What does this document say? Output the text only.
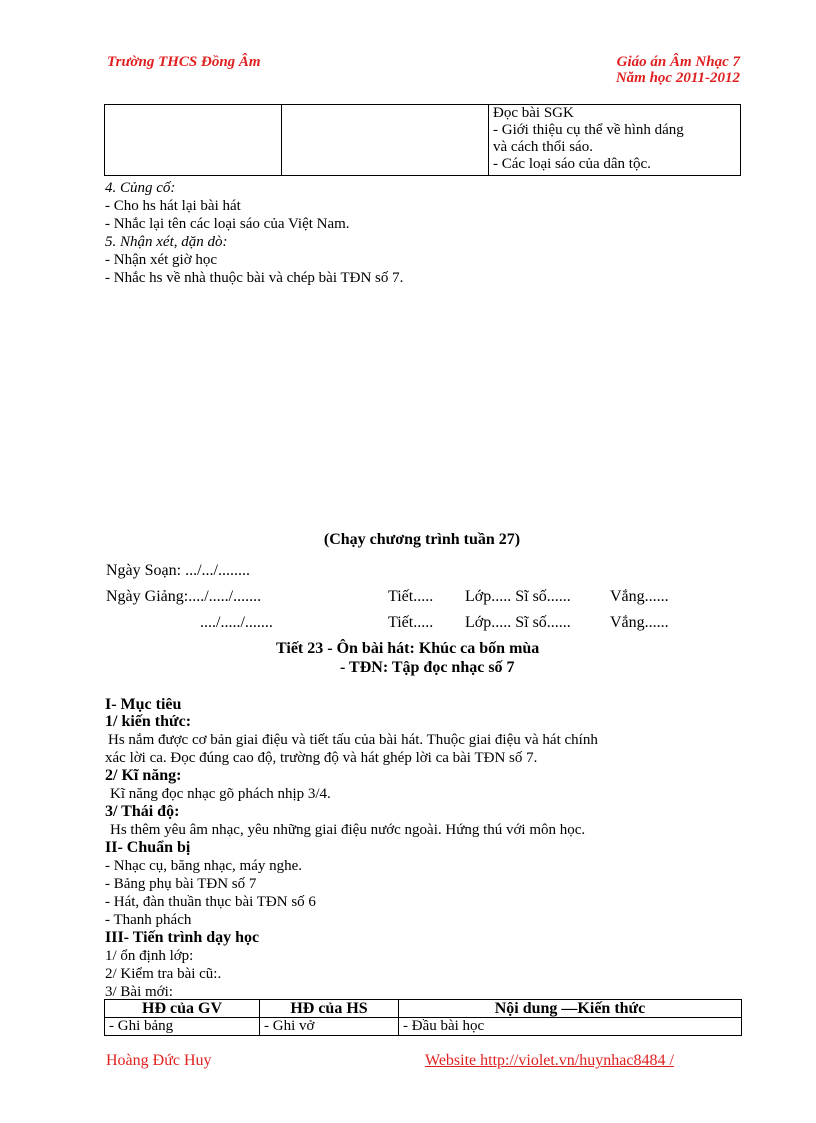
Trường THCS Đồng Âm	Giáo án Âm Nhạc 7
Năm học 2011-2012

Đọc bài SGK
- Giới thiệu cụ thể về hình dáng
và cách thổi sáo.
- Các loại sáo của dân tộc.
4. Củng cố:
- Cho hs hát lại bài hát
- Nhắc lại tên các loại sáo của Việt Nam.
5. Nhận xét, dặn dò:
- Nhận xét giờ học
- Nhắc hs về nhà thuộc bài và chép bài TĐN số 7.
(Chạy chương trình tuần 27)
Ngày Soạn: .../.../........
Ngày Giảng:..../...../.......	Tiết..... Lớp..... Sĩ số...... Vắng......
..../...../.......	Tiết..... Lớp..... Sĩ số...... Vắng......
Tiết 23 - Ôn bài hát: Khúc ca bốn mùa
- TĐN: Tập đọc nhạc số 7
I- Mục tiêu
1/ kiến thức:
Hs nắm được cơ bản giai điệu và tiết tấu của bài hát. Thuộc giai điệu và hát chính
xác lời ca. Đọc đúng cao độ, trường độ và hát ghép lời ca bài TĐN số 7.
2/ Kĩ năng:
Kĩ năng đọc nhạc gõ phách nhịp 3/4.
3/ Thái độ:
Hs thêm yêu âm nhạc, yêu những giai điệu nước ngoài. Hứng thú với môn học.
II- Chuẩn bị
- Nhạc cụ, băng nhạc, máy nghe.
- Bảng phụ bài TĐN số 7
- Hát, đàn thuần thục bài TĐN số 6
- Thanh phách
III- Tiến trình dạy học
1/ ổn định lớp:
2/ Kiểm tra bài cũ:.
3/ Bài mới:
HĐ của GV	HĐ của HS	Nội dung —Kiến thức
- Ghi bảng	- Ghi vở	- Đầu bài học
Hoàng Đức Huy	Website http://violet.vn/huynhac8484 /
